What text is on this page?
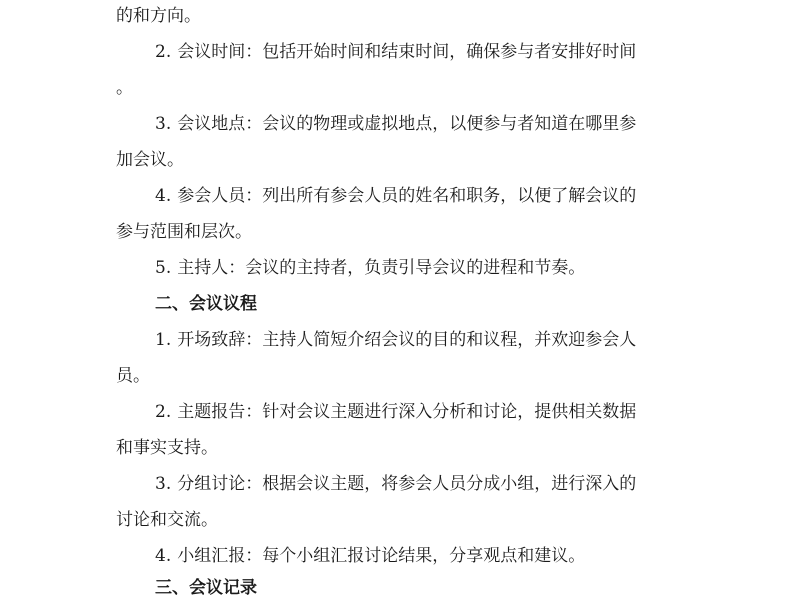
的和方向。
2. 会议时间：包括开始时间和结束时间，确保参与者安排好时间
。
3. 会议地点：会议的物理或虚拟地点，以便参与者知道在哪里参
加会议。
4. 参会人员：列出所有参会人员的姓名和职务，以便了解会议的
参与范围和层次。
5. 主持人：会议的主持者，负责引导会议的进程和节奏。
二、会议议程
1. 开场致辞：主持人简短介绍会议的目的和议程，并欢迎参会人
员。
2. 主题报告：针对会议主题进行深入分析和讨论，提供相关数据
和事实支持。
3. 分组讨论：根据会议主题，将参会人员分成小组，进行深入的
讨论和交流。
4. 小组汇报：每个小组汇报讨论结果，分享观点和建议。
三、会议记录
